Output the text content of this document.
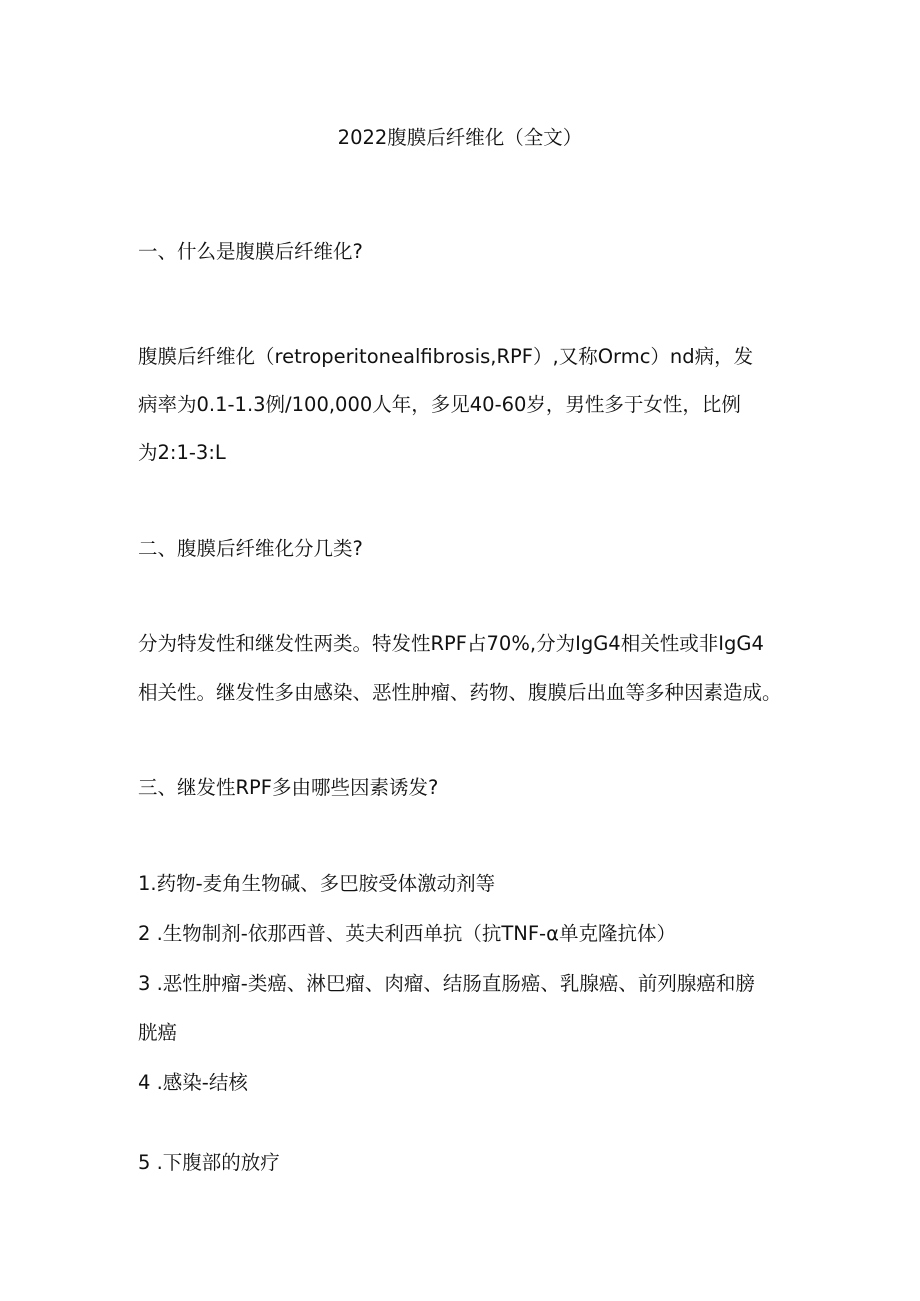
2022腹膜后纤维化（全文）

一、什么是腹膜后纤维化?

腹膜后纤维化（retroperitonealfibrosis,RPF）,又称Ormc）nd病，发

病率为0.1-1.3例/100,000人年，多见40-60岁，男性多于女性，比例

为2:1-3:L

二、腹膜后纤维化分几类?

分为特发性和继发性两类。特发性RPF占70%,分为IgG4相关性或非IgG4

相关性。继发性多由感染、恶性肿瘤、药物、腹膜后出血等多种因素造成。

三、继发性RPF多由哪些因素诱发?

1.药物-麦角生物碱、多巴胺受体激动剂等

2 .生物制剂-依那西普、英夫利西单抗（抗TNF-α单克隆抗体）

3 .恶性肿瘤-类癌、淋巴瘤、肉瘤、结肠直肠癌、乳腺癌、前列腺癌和膀

胱癌

4 .感染-结核

5 .下腹部的放疗
